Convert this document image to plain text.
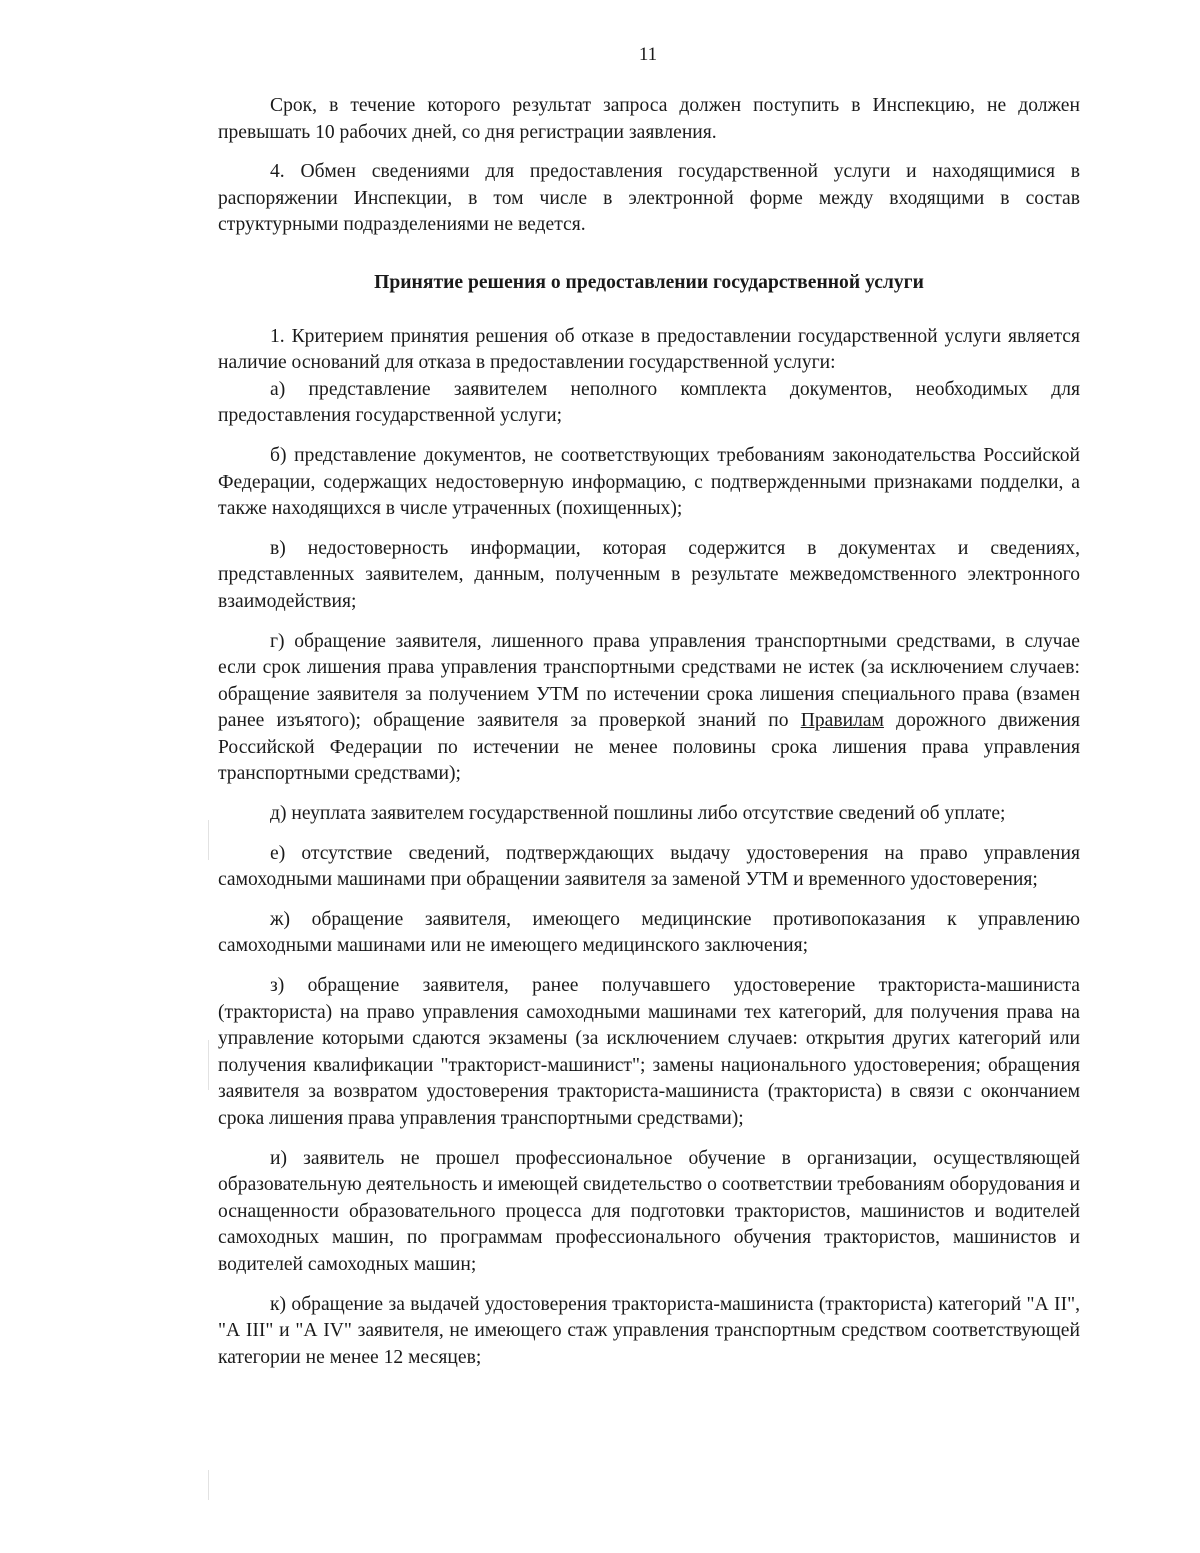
11

Срок, в течение которого результат запроса должен поступить в Инспекцию, не должен превышать 10 рабочих дней, со дня регистрации заявления.

4. Обмен сведениями для предоставления государственной услуги и находящимися в распоряжении Инспекции, в том числе в электронной форме между входящими в состав структурными подразделениями не ведется.

Принятие решения о предоставлении государственной услуги

1. Критерием принятия решения об отказе в предоставлении государственной услуги является наличие оснований для отказа в предоставлении государственной услуги:

а) представление заявителем неполного комплекта документов, необходимых для предоставления государственной услуги;

б) представление документов, не соответствующих требованиям законодательства Российской Федерации, содержащих недостоверную информацию, с подтвержденными признаками подделки, а также находящихся в числе утраченных (похищенных);

в) недостоверность информации, которая содержится в документах и сведениях, представленных заявителем, данным, полученным в результате межведомственного электронного взаимодействия;

г) обращение заявителя, лишенного права управления транспортными средствами, в случае если срок лишения права управления транспортными средствами не истек (за исключением случаев: обращение заявителя за получением УТМ по истечении срока лишения специального права (взамен ранее изъятого); обращение заявителя за проверкой знаний по Правилам дорожного движения Российской Федерации по истечении не менее половины срока лишения права управления транспортными средствами);

д) неуплата заявителем государственной пошлины либо отсутствие сведений об уплате;

е) отсутствие сведений, подтверждающих выдачу удостоверения на право управления самоходными машинами при обращении заявителя за заменой УТМ и временного удостоверения;

ж) обращение заявителя, имеющего медицинские противопоказания к управлению самоходными машинами или не имеющего медицинского заключения;

з) обращение заявителя, ранее получавшего удостоверение тракториста-машиниста (тракториста) на право управления самоходными машинами тех категорий, для получения права на управление которыми сдаются экзамены (за исключением случаев: открытия других категорий или получения квалификации "тракторист-машинист"; замены национального удостоверения; обращения заявителя за возвратом удостоверения тракториста-машиниста (тракториста) в связи с окончанием срока лишения права управления транспортными средствами);

и) заявитель не прошел профессиональное обучение в организации, осуществляющей образовательную деятельность и имеющей свидетельство о соответствии требованиям оборудования и оснащенности образовательного процесса для подготовки трактористов, машинистов и водителей самоходных машин, по программам профессионального обучения трактористов, машинистов и водителей самоходных машин;

к) обращение за выдачей удостоверения тракториста-машиниста (тракториста) категорий "А II", "А III" и "А IV" заявителя, не имеющего стаж управления транспортным средством соответствующей категории не менее 12 месяцев;
